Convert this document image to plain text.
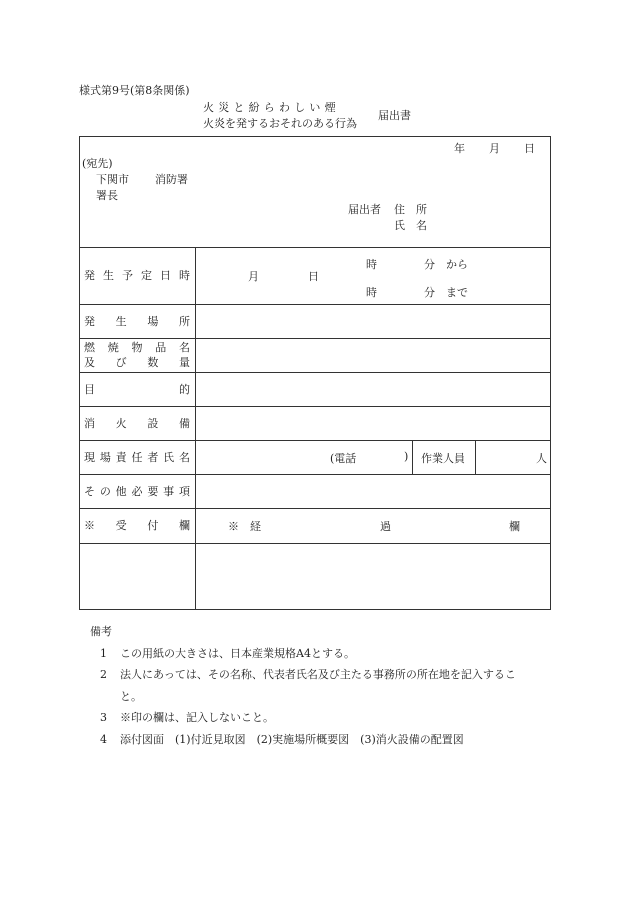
様式第9号(第8条関係)
火災と紛らわしい煙
火炎を発するおそれのある行為
届出書
年 月 日
(宛先)
下関市 消防署
署長
届出者 住　所
氏　名
発生予定日時	月	日
時	分 から
時	分 まで
発生場所
燃焼物品名
及び数量
目的
消火設備
現場責任者氏名	(電話	) 作業人員	人
その他必要事項
※受付欄	※　経	過	欄
備考
1 この用紙の大きさは、日本産業規格A4とする。
2 法人にあっては、その名称、代表者氏名及び主たる事務所の所在地を記入するこ
と。
3 ※印の欄は、記入しないこと。
4 添付図面　(1)付近見取図　(2)実施場所概要図　(3)消火設備の配置図
